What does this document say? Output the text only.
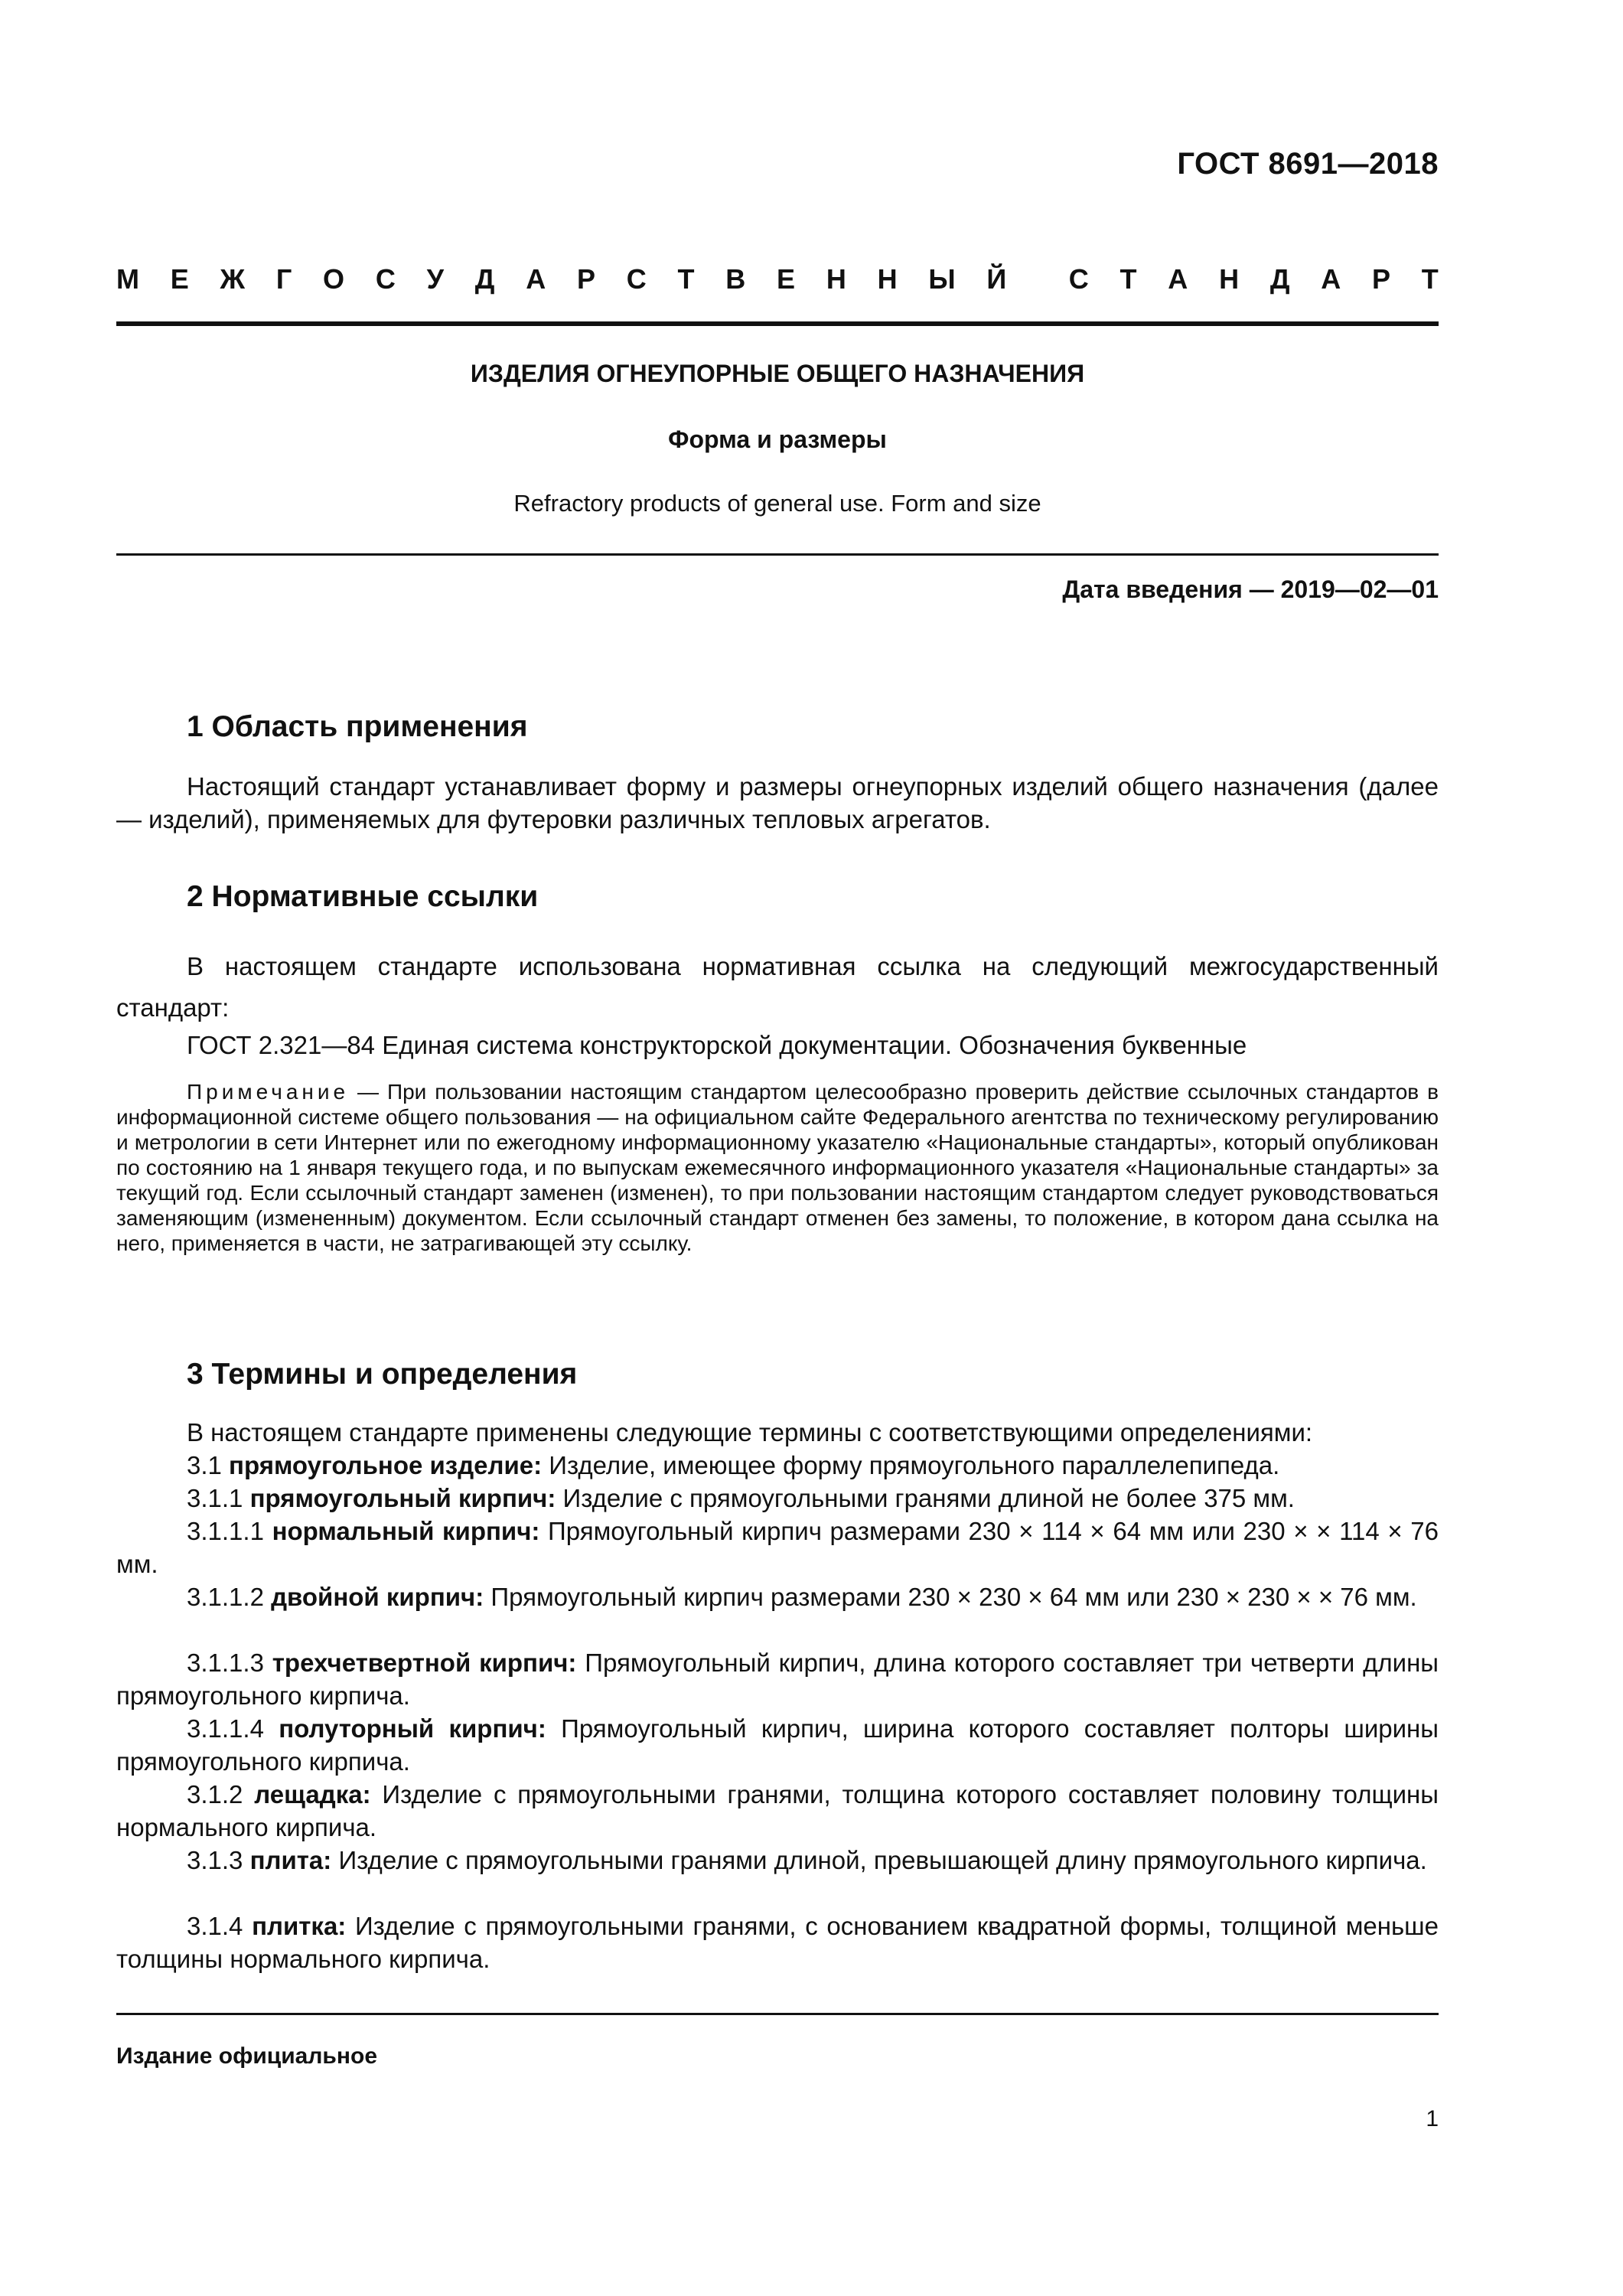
ГОСТ 8691—2018
М Е Ж Г О С У Д А Р С Т В Е Н Н Ы Й С Т А Н Д А Р Т
ИЗДЕЛИЯ ОГНЕУПОРНЫЕ ОБЩЕГО НАЗНАЧЕНИЯ
Форма и размеры
Refractory products of general use. Form and size
Дата введения — 2019—02—01
1 Область применения
Настоящий стандарт устанавливает форму и размеры огнеупорных изделий общего назначения (далее — изделий), применяемых для футеровки различных тепловых агрегатов.
2 Нормативные ссылки
В настоящем стандарте использована нормативная ссылка на следующий межгосударственный стандарт:
ГОСТ 2.321—84 Единая система конструкторской документации. Обозначения буквенные
Примечание — При пользовании настоящим стандартом целесообразно проверить действие ссылочных стандартов в информационной системе общего пользования — на официальном сайте Федерального агентства по техническому регулированию и метрологии в сети Интернет или по ежегодному информационному указателю «Национальные стандарты», который опубликован по состоянию на 1 января текущего года, и по выпускам ежемесячного информационного указателя «Национальные стандарты» за текущий год. Если ссылочный стандарт заменен (изменен), то при пользовании настоящим стандартом следует руководствоваться заменяющим (измененным) документом. Если ссылочный стандарт отменен без замены, то положение, в котором дана ссылка на него, применяется в части, не затрагивающей эту ссылку.
3 Термины и определения
В настоящем стандарте применены следующие термины с соответствующими определениями:
3.1 прямоугольное изделие: Изделие, имеющее форму прямоугольного параллелепипеда.
3.1.1 прямоугольный кирпич: Изделие с прямоугольными гранями длиной не более 375 мм.
3.1.1.1 нормальный кирпич: Прямоугольный кирпич размерами 230 × 114 × 64 мм или 230 × × 114 × 76 мм.
3.1.1.2 двойной кирпич: Прямоугольный кирпич размерами 230 × 230 × 64 мм или 230 × 230 × × 76 мм.
3.1.1.3 трехчетвертной кирпич: Прямоугольный кирпич, длина которого составляет три четверти длины прямоугольного кирпича.
3.1.1.4 полуторный кирпич: Прямоугольный кирпич, ширина которого составляет полторы ширины прямоугольного кирпича.
3.1.2 лещадка: Изделие с прямоугольными гранями, толщина которого составляет половину толщины нормального кирпича.
3.1.3 плита: Изделие с прямоугольными гранями длиной, превышающей длину прямоугольного кирпича.
3.1.4 плитка: Изделие с прямоугольными гранями, с основанием квадратной формы, толщиной меньше толщины нормального кирпича.
Издание официальное
1
